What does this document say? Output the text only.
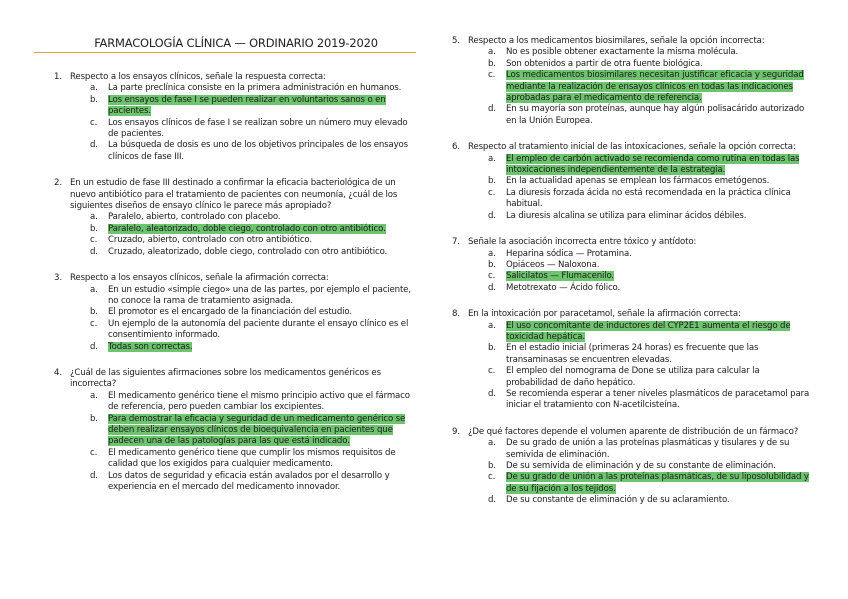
FARMACOLOGÍA CLÍNICA — ORDINARIO 2019-2020
1. Respecto a los ensayos clínicos, señale la respuesta correcta:
a.	La parte preclínica consiste en la primera administración en humanos.
b.	Los ensayos de fase I se pueden realizar en voluntarios sanos o en pacientes.
c.	Los ensayos clínicos de fase I se realizan sobre un número muy elevado de pacientes.
d.	La búsqueda de dosis es uno de los objetivos principales de los ensayos clínicos de fase III.
2. En un estudio de fase III destinado a confirmar la eficacia bacteriológica de un nuevo antibiótico para el tratamiento de pacientes con neumonía, ¿cuál de los siguientes diseños de ensayo clínico le parece más apropiado?
a.	Paralelo, abierto, controlado con placebo.
b.	Paralelo, aleatorizado, doble ciego, controlado con otro antibiótico.
c.	Cruzado, abierto, controlado con otro antibiótico.
d.	Cruzado, aleatorizado, doble ciego, controlado con otro antibiótico.
3. Respecto a los ensayos clínicos, señale la afirmación correcta:
a.	En un estudio «simple ciego» una de las partes, por ejemplo el paciente, no conoce la rama de tratamiento asignada.
b.	El promotor es el encargado de la financiación del estudio.
c.	Un ejemplo de la autonomía del paciente durante el ensayo clínico es el consentimiento informado.
d.	Todas son correctas.
4. ¿Cuál de las siguientes afirmaciones sobre los medicamentos genéricos es incorrecta?
a.	El medicamento genérico tiene el mismo principio activo que el fármaco de referencia, pero pueden cambiar los excipientes.
b.	Para demostrar la eficacia y seguridad de un medicamento genérico se deben realizar ensayos clínicos de bioequivalencia en pacientes que padecen una de las patologías para las que está indicado.
c.	El medicamento genérico tiene que cumplir los mismos requisitos de calidad que los exigidos para cualquier medicamento.
d.	Los datos de seguridad y eficacia están avalados por el desarrollo y experiencia en el mercado del medicamento innovador.
5. Respecto a los medicamentos biosimilares, señale la opción incorrecta:
a.	No es posible obtener exactamente la misma molécula.
b.	Son obtenidos a partir de otra fuente biológica.
c.	Los medicamentos biosimilares necesitan justificar eficacia y seguridad mediante la realización de ensayos clínicos en todas las indicaciones aprobadas para el medicamento de referencia.
d.	En su mayoría son proteínas, aunque hay algún polisacárido autorizado en la Unión Europea.
6. Respecto al tratamiento inicial de las intoxicaciones, señale la opción correcta:
a.	El empleo de carbón activado se recomienda como rutina en todas las intoxicaciones independientemente de la estrategia.
b.	En la actualidad apenas se emplean los fármacos emetógenos.
c.	La diuresis forzada ácida no está recomendada en la práctica clínica habitual.
d.	La diuresis alcalina se utiliza para eliminar ácidos débiles.
7. Señale la asociación incorrecta entre tóxico y antídoto:
a.	Heparina sódica — Protamina.
b.	Opiáceos — Naloxona.
c.	Salicilatos — Flumacenilo.
d.	Metotrexato — Ácido fólico.
8. En la intoxicación por paracetamol, señale la afirmación correcta:
a.	El uso concomitante de inductores del CYP2E1 aumenta el riesgo de toxicidad hepática.
b.	En el estadio inicial (primeras 24 horas) es frecuente que las transaminasas se encuentren elevadas.
c.	El empleo del nomograma de Done se utiliza para calcular la probabilidad de daño hepático.
d.	Se recomienda esperar a tener niveles plasmáticos de paracetamol para iniciar el tratamiento con N-acetilcisteína.
9. ¿De qué factores depende el volumen aparente de distribución de un fármaco?
a.	De su grado de unión a las proteínas plasmáticas y tisulares y de su semivida de eliminación.
b.	De su semivida de eliminación y de su constante de eliminación.
c.	De su grado de unión a las proteínas plasmáticas, de su liposolubilidad y de su fijación a los tejidos.
d.	De su constante de eliminación y de su aclaramiento.
